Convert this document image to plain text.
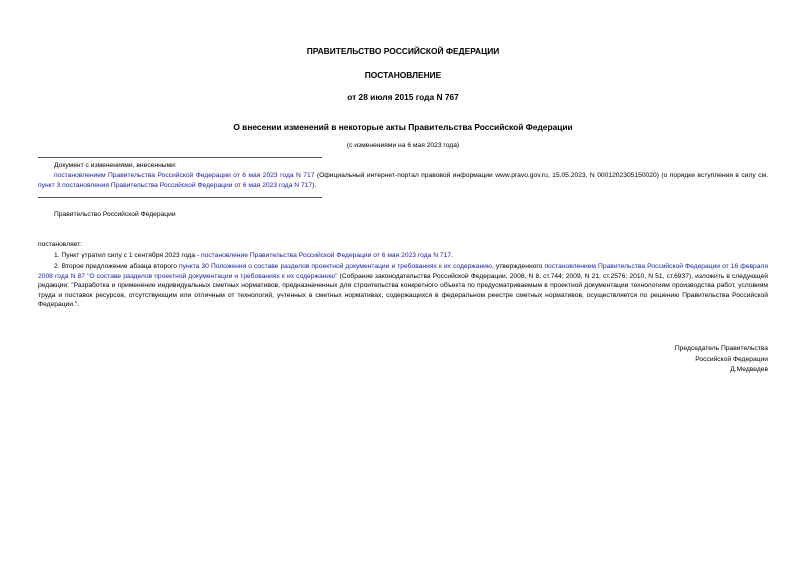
ПРАВИТЕЛЬСТВО РОССИЙСКОЙ ФЕДЕРАЦИИ

ПОСТАНОВЛЕНИЕ

от 28 июля 2015 года N 767

О внесении изменений в некоторые акты Правительства Российской Федерации

(с изменениями на 6 мая 2023 года)

Документ с изменениями, внесенными:

постановлением Правительства Российской Федерации от 6 мая 2023 года N 717 (Официальный интернет-портал правовой информации www.pravo.gov.ru, 15.05.2023, N 0001202305150020) (о порядке вступления в силу см. пункт 3 постановления Правительства Российской Федерации от 6 мая 2023 года N 717).

Правительство Российской Федерации

постановляет:

1. Пункт утратил силу с 1 сентября 2023 года - постановление Правительства Российской Федерации от 6 мая 2023 года N 717.

2. Второе предложение абзаца второго пункта 30 Положения о составе разделов проектной документации и требованиях к их содержанию, утвержденного постановлением Правительства Российской Федерации от 16 февраля 2008 года N 87 "О составе разделов проектной документации и требованиях к их содержанию" (Собрание законодательства Российской Федерации, 2008, N 8, ст.744; 2009, N 21, ст.2576; 2010, N 51, ст.6937), изложить в следующей редакции: "Разработка и применение индивидуальных сметных нормативов, предназначенных для строительства конкретного объекта по предусматриваемым в проектной документации технологиям производства работ, условиям труда и поставок ресурсов, отсутствующим или отличным от технологий, учтенных в сметных нормативах, содержащихся в федеральном реестре сметных нормативов, осуществляется по решению Правительства Российской Федерации.".

Председатель Правительства
Российской Федерации
Д.Медведев
